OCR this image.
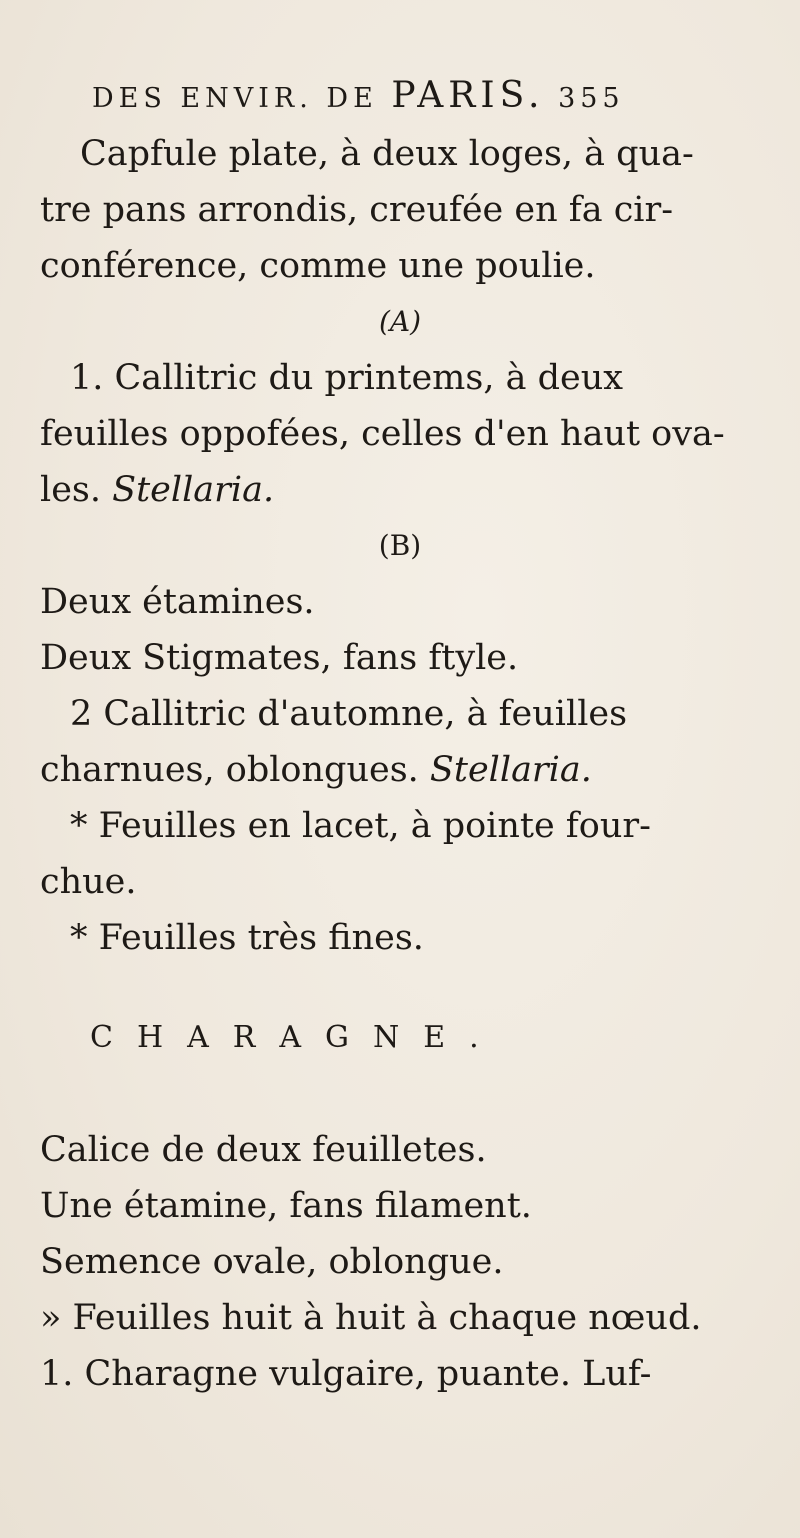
DES ENVIR. DE PARIS. 355
Capfule plate, à deux loges, à qua-
tre pans arrondis, creufée en fa cir-
conférence, comme une poulie.
(A)
1. Callitric du printems, à deux
feuilles oppofées, celles d'en haut ova-
les. Stellaria.
(B)
Deux étamines.
Deux Stigmates, fans ftyle.
2 Callitric d'automne, à feuilles
charnues, oblongues. Stellaria.
* Feuilles en lacet, à pointe four-
chue.
* Feuilles très fines.
CHARAGNE.
Calice de deux feuilletes.
Une étamine, fans filament.
Semence ovale, oblongue.
» Feuilles huit à huit à chaque nœud.
1. Charagne vulgaire, puante. Luf-
